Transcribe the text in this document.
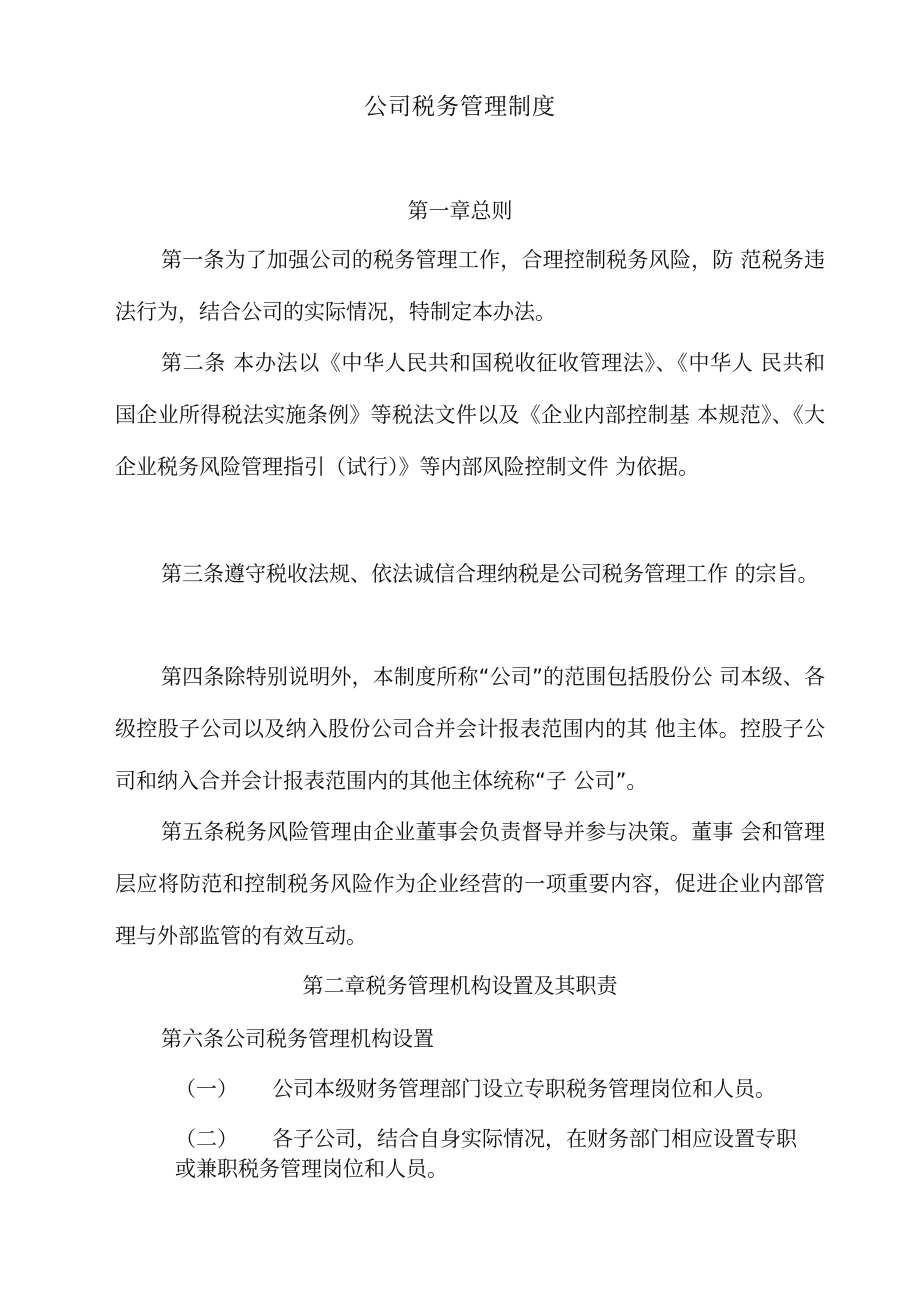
公司税务管理制度
第一章总则

第一条为了加强公司的税务管理工作，合理控制税务风险，防 范税务违法行为，结合公司的实际情况，特制定本办法。

第二条 本办法以《中华人民共和国税收征收管理法》、《中华人 民共和国企业所得税法实施条例》等税法文件以及《企业内部控制基 本规范》、《大企业税务风险管理指引（试行）》等内部风险控制文件 为依据。

第三条遵守税收法规、依法诚信合理纳税是公司税务管理工作 的宗旨。

第四条除特别说明外，本制度所称“公司”的范围包括股份公 司本级、各级控股子公司以及纳入股份公司合并会计报表范围内的其 他主体。控股子公司和纳入合并会计报表范围内的其他主体统称“子 公司”。

第五条税务风险管理由企业董事会负责督导并参与决策。董事 会和管理层应将防范和控制税务风险作为企业经营的一项重要内容，促进企业内部管理与外部监管的有效互动。

第二章税务管理机构设置及其职责
第六条公司税务管理机构设置
（一） 公司本级财务管理部门设立专职税务管理岗位和人员。
（二） 各子公司，结合自身实际情况，在财务部门相应设置专职 或兼职税务管理岗位和人员。
